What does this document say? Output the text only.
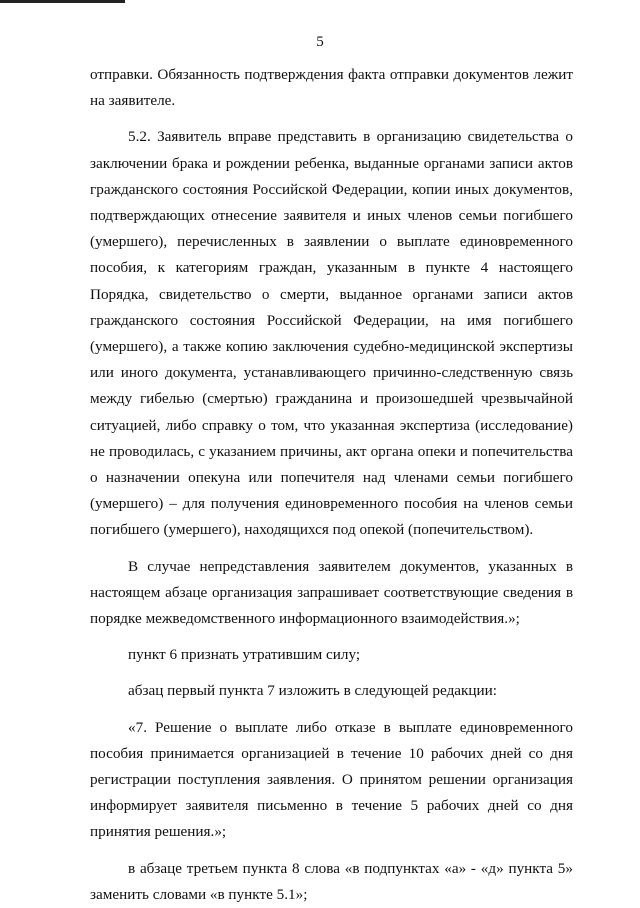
5

отправки. Обязанность подтверждения факта отправки документов лежит на заявителе.

5.2. Заявитель вправе представить в организацию свидетельства о заключении брака и рождении ребенка, выданные органами записи актов гражданского состояния Российской Федерации, копии иных документов, подтверждающих отнесение заявителя и иных членов семьи погибшего (умершего), перечисленных в заявлении о выплате единовременного пособия, к категориям граждан, указанным в пункте 4 настоящего Порядка, свидетельство о смерти, выданное органами записи актов гражданского состояния Российской Федерации, на имя погибшего (умершего), а также копию заключения судебно-медицинской экспертизы или иного документа, устанавливающего причинно-следственную связь между гибелью (смертью) гражданина и произошедшей чрезвычайной ситуацией, либо справку о том, что указанная экспертиза (исследование) не проводилась, с указанием причины, акт органа опеки и попечительства о назначении опекуна или попечителя над членами семьи погибшего (умершего) – для получения единовременного пособия на членов семьи погибшего (умершего), находящихся под опекой (попечительством).

В случае непредставления заявителем документов, указанных в настоящем абзаце организация запрашивает соответствующие сведения в порядке межведомственного информационного взаимодействия.»;

пункт 6 признать утратившим силу;

абзац первый пункта 7 изложить в следующей редакции:

«7. Решение о выплате либо отказе в выплате единовременного пособия принимается организацией в течение 10 рабочих дней со дня регистрации поступления заявления. О принятом решении организация информирует заявителя письменно в течение 5 рабочих дней со дня принятия решения.»;

в абзаце третьем пункта 8 слова «в подпунктах «а» - «д» пункта 5» заменить словами «в пункте 5.1»;
